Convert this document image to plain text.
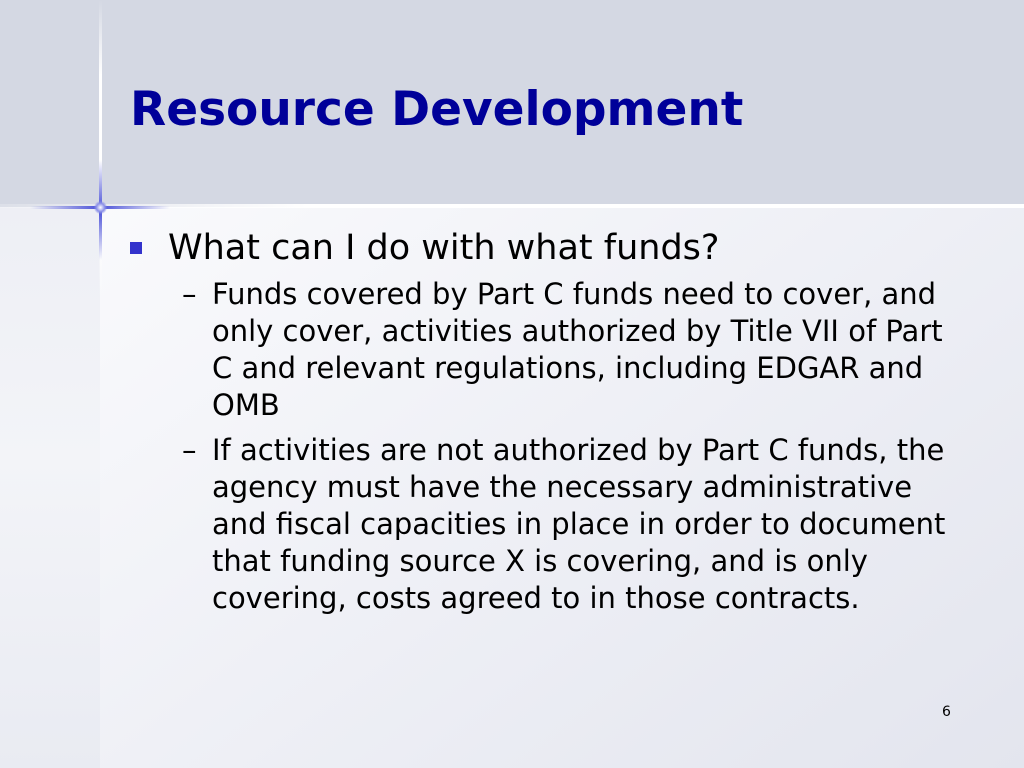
Resource Development
What can I do with what funds?
– Funds covered by Part C funds need to cover, and only cover, activities authorized by Title VII of Part C and relevant regulations, including EDGAR and OMB
– If activities are not authorized by Part C funds, the agency must have the necessary administrative and fiscal capacities in place in order to document that funding source X is covering, and is only covering, costs agreed to in those contracts.
6
